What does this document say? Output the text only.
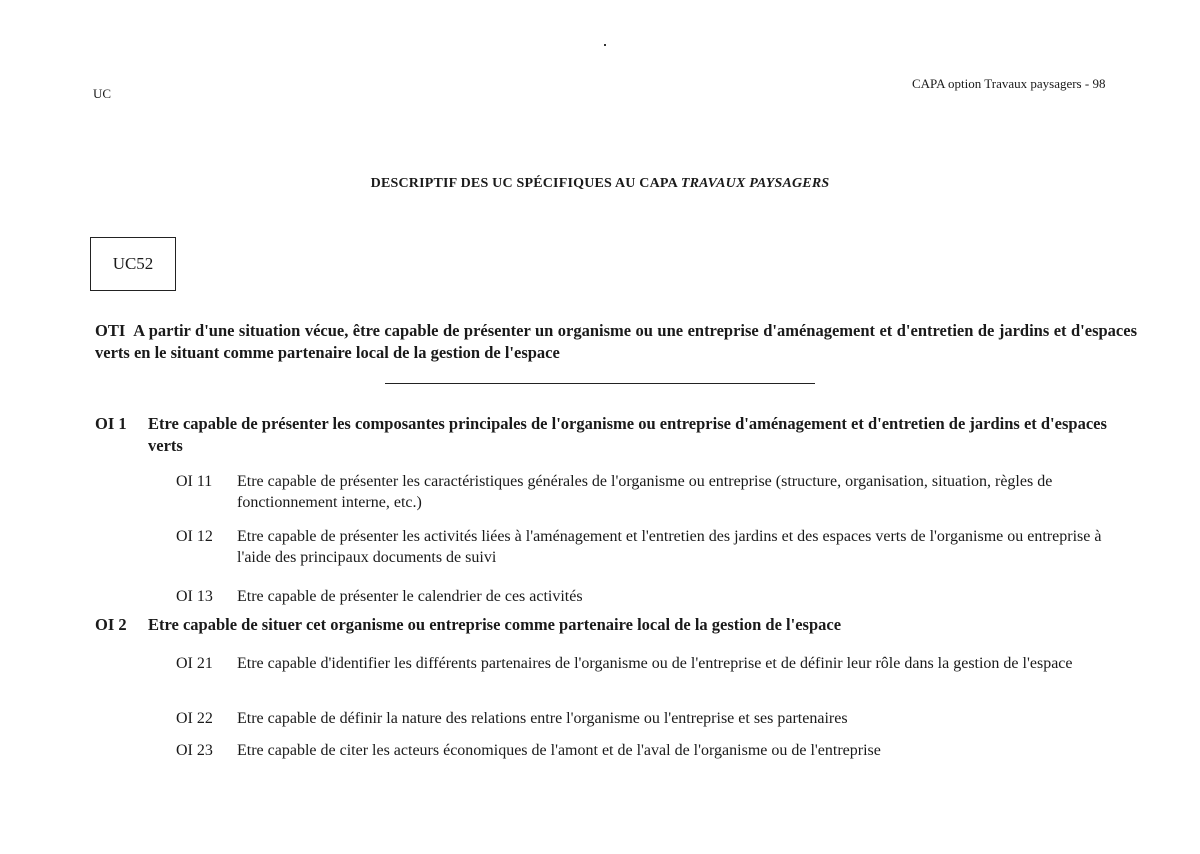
UC
CAPA option Travaux paysagers - 98
DESCRIPTIF DES UC SPÉCIFIQUES AU CAPA TRAVAUX PAYSAGERS
UC52
OTI A partir d'une situation vécue, être capable de présenter un organisme ou une entreprise d'aménagement et d'entretien de jardins et d'espaces verts en le situant comme partenaire local de la gestion de l'espace
OI 1 Etre capable de présenter les composantes principales de l'organisme ou entreprise d'aménagement et d'entretien de jardins et d'espaces verts
OI 11 Etre capable de présenter les caractéristiques générales de l'organisme ou entreprise (structure, organisation, situation, règles de fonctionnement interne, etc.)
OI 12 Etre capable de présenter les activités liées à l'aménagement et l'entretien des jardins et des espaces verts de l'organisme ou entreprise à l'aide des principaux documents de suivi
OI 13 Etre capable de présenter le calendrier de ces activités
OI 2 Etre capable de situer cet organisme ou entreprise comme partenaire local de la gestion de l'espace
OI 21 Etre capable d'identifier les différents partenaires de l'organisme ou de l'entreprise et de définir leur rôle dans la gestion de l'espace
OI 22 Etre capable de définir la nature des relations entre l'organisme ou l'entreprise et ses partenaires
OI 23 Etre capable de citer les acteurs économiques de l'amont et de l'aval de l'organisme ou de l'entreprise
